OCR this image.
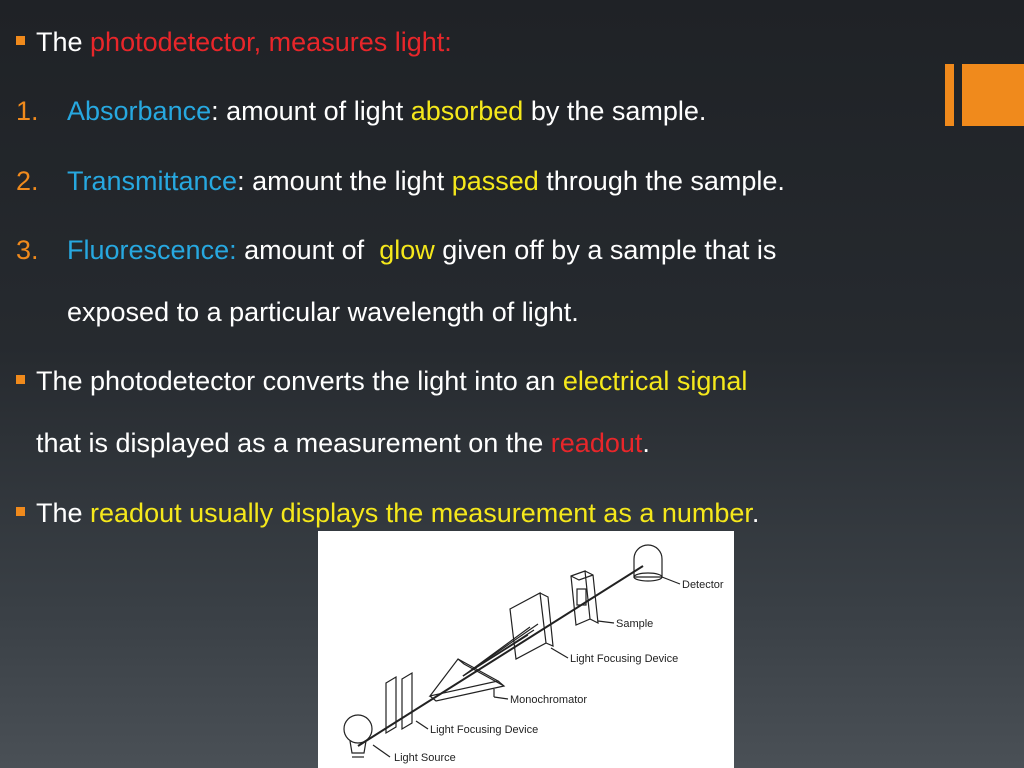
The photodetector, measures light:
1. Absorbance: amount of light absorbed by the sample.
2. Transmittance: amount the light passed through the sample.
3. Fluorescence: amount of  glow given off by a sample that is
exposed to a particular wavelength of light.
The photodetector converts the light into an electrical signal
that is displayed as a measurement on the readout.
The readout usually displays the measurement as a number.
Detector
Sample
Light Focusing Device
Monochromator
Light Focusing Device
Light Source
